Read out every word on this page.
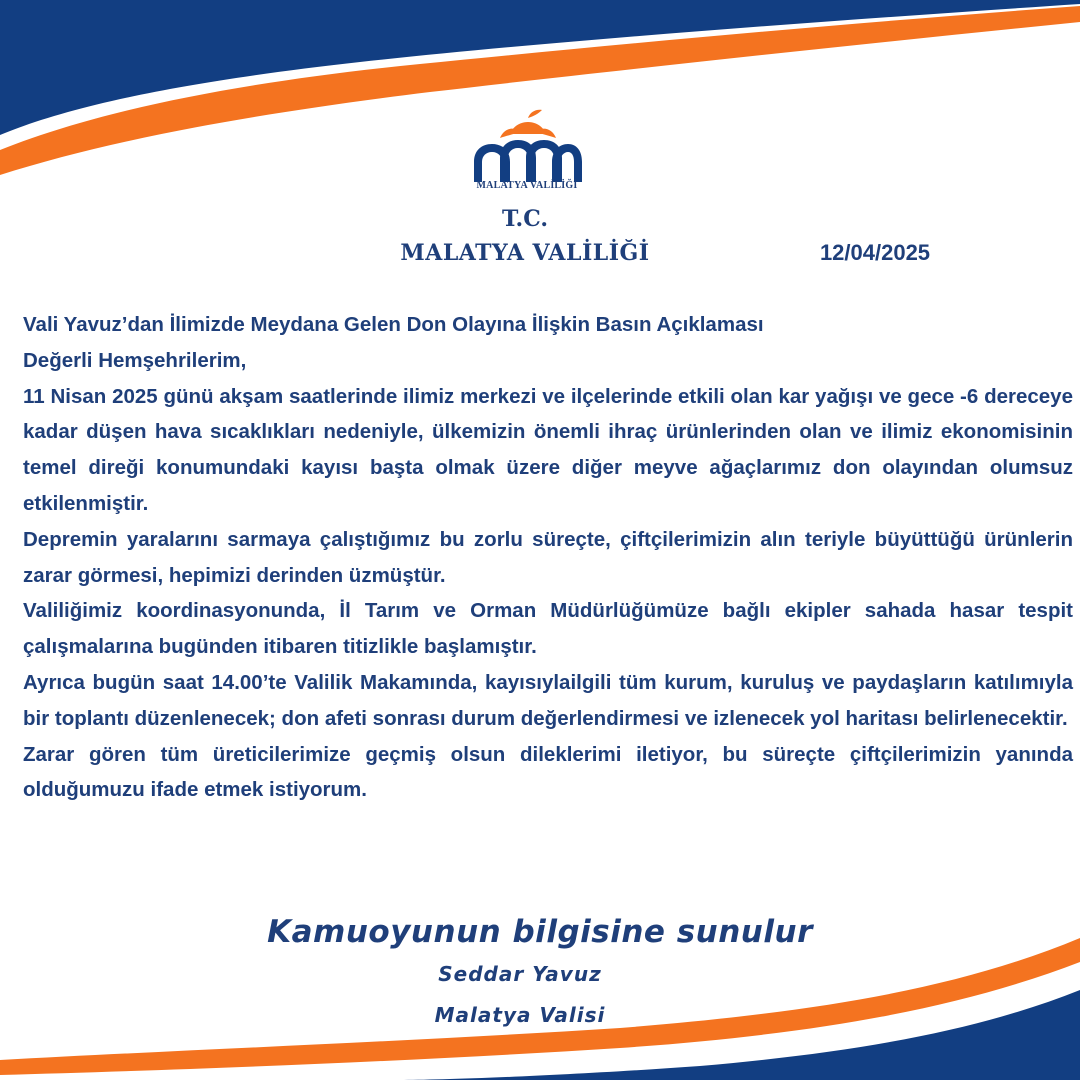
MALATYA VALİLİĞİ
T.C.
MALATYA VALİLİĞİ	12/04/2025

Vali Yavuz’dan İlimizde Meydana Gelen Don Olayına İlişkin Basın Açıklaması

Değerli Hemşehrilerim,

11 Nisan 2025 günü akşam saatlerinde ilimiz merkezi ve ilçelerinde etkili olan kar yağışı ve gece -6 dereceye kadar düşen hava sıcaklıkları nedeniyle, ülkemizin önemli ihraç ürünlerinden olan ve ilimiz ekonomisinin temel direği konumundaki kayısı başta olmak üzere diğer meyve ağaçlarımız don olayından olumsuz etkilenmiştir.

Depremin yaralarını sarmaya çalıştığımız bu zorlu süreçte, çiftçilerimizin alın teriyle büyüttüğü ürünlerin zarar görmesi, hepimizi derinden üzmüştür.

Valiliğimiz koordinasyonunda, İl Tarım ve Orman Müdürlüğümüze bağlı ekipler sahada hasar tespit çalışmalarına bugünden itibaren titizlikle başlamıştır.

Ayrıca bugün saat 14.00’te Valilik Makamında, kayısıylailgili tüm kurum, kuruluş ve paydaşların katılımıyla bir toplantı düzenlenecek; don afeti sonrası durum değerlendirmesi ve izlenecek yol haritası belirlenecektir.

Zarar gören tüm üreticilerimize geçmiş olsun dileklerimi iletiyor, bu süreçte çiftçilerimizin yanında olduğumuzu ifade etmek istiyorum.

Kamuoyunun bilgisine sunulur
Seddar Yavuz
Malatya Valisi
